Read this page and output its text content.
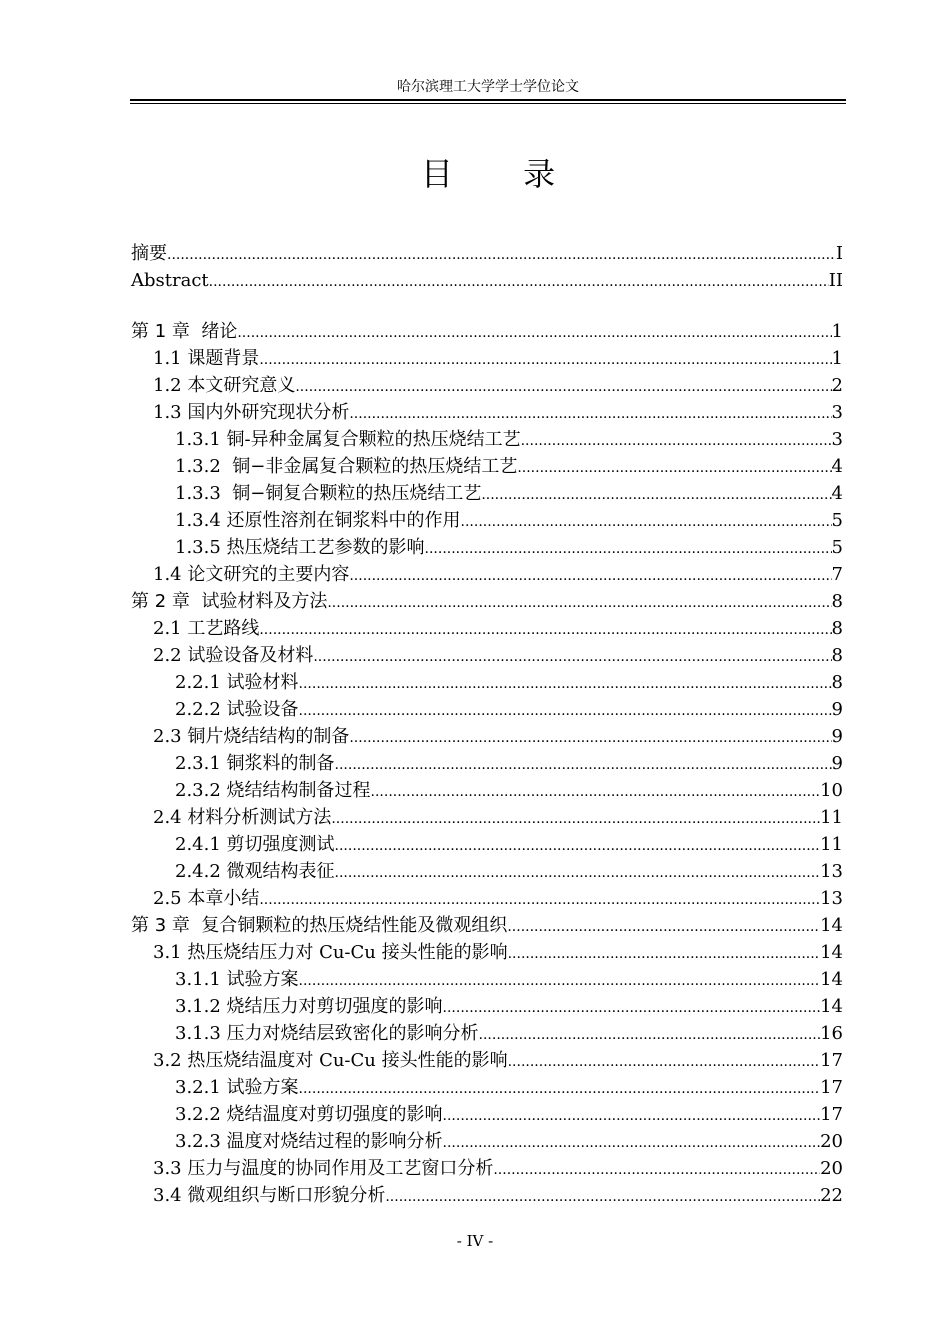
哈尔滨理工大学学士学位论文
目 录
摘要 .....	I
Abstract .....	II
第 1 章  绪论 .....	1
1.1 课题背景 .....	1
1.2 本文研究意义 .....	2
1.3 国内外研究现状分析 .....	3
1.3.1 铜-异种金属复合颗粒的热压烧结工艺 .....	3
1.3.2  铜−非金属复合颗粒的热压烧结工艺 .....	4
1.3.3  铜−铜复合颗粒的热压烧结工艺 .....	4
1.3.4 还原性溶剂在铜浆料中的作用 .....	5
1.3.5 热压烧结工艺参数的影响 .....	5
1.4 论文研究的主要内容 .....	7
第 2 章  试验材料及方法 .....	8
2.1 工艺路线 .....	8
2.2 试验设备及材料 .....	8
2.2.1 试验材料 .....	8
2.2.2 试验设备 .....	9
2.3 铜片烧结结构的制备 .....	9
2.3.1 铜浆料的制备 .....	9
2.3.2 烧结结构制备过程 .....	10
2.4 材料分析测试方法 .....	11
2.4.1 剪切强度测试 .....	11
2.4.2 微观结构表征 .....	13
2.5 本章小结 .....	13
第 3 章  复合铜颗粒的热压烧结性能及微观组织 .....	14
3.1 热压烧结压力对 Cu-Cu 接头性能的影响 .....	14
3.1.1 试验方案 .....	14
3.1.2 烧结压力对剪切强度的影响 .....	14
3.1.3 压力对烧结层致密化的影响分析 .....	16
3.2 热压烧结温度对 Cu-Cu 接头性能的影响 .....	17
3.2.1 试验方案 .....	17
3.2.2 烧结温度对剪切强度的影响 .....	17
3.2.3 温度对烧结过程的影响分析 .....	20
3.3 压力与温度的协同作用及工艺窗口分析 .....	20
3.4 微观组织与断口形貌分析 .....	22
- IV -
